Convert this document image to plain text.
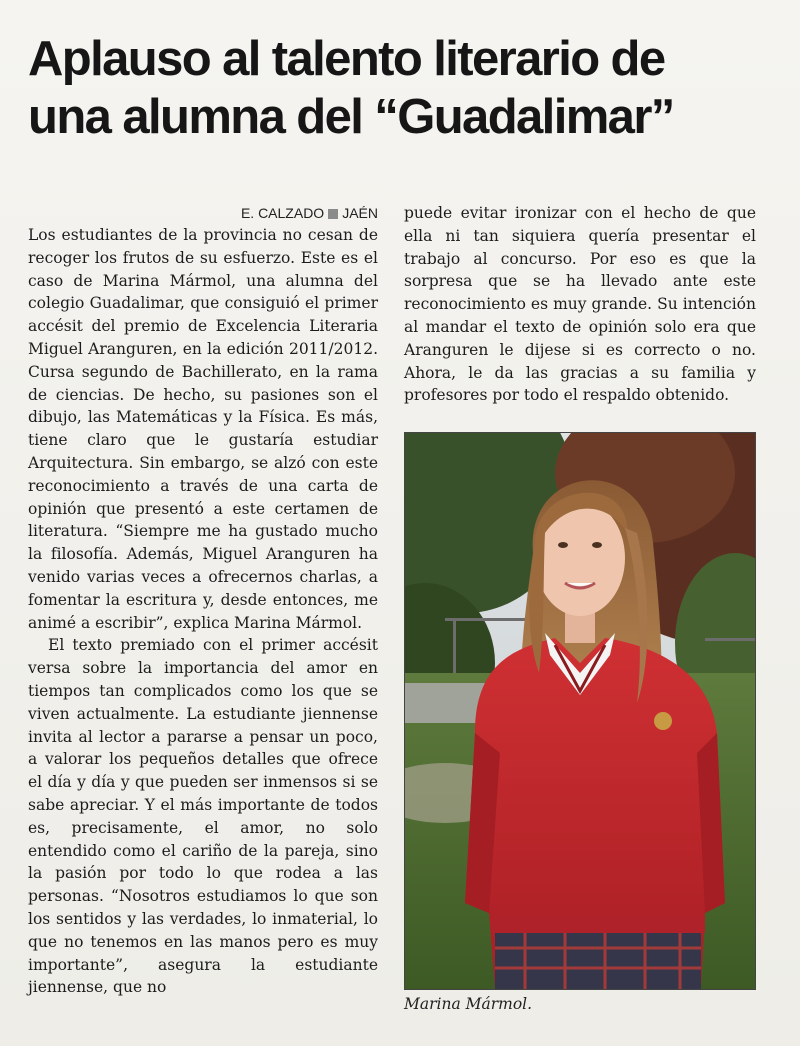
Aplauso al talento literario de
una alumna del “Guadalimar”
E. CALZADO JAÉN

Los estudiantes de la provincia no cesan de recoger los frutos de su esfuerzo. Este es el caso de Marina Mármol, una alumna del colegio Guadalimar, que consiguió el primer accésit del premio de Excelencia Literaria Miguel Aranguren, en la edición 2011/2012. Cursa segundo de Bachillerato, en la rama de ciencias. De hecho, su pasiones son el dibujo, las Matemáticas y la Física. Es más, tiene claro que le gustaría estudiar Arquitectura. Sin embargo, se alzó con este reconocimiento a través de una carta de opinión que presentó a este certamen de literatura. “Siempre me ha gustado mucho la filosofía. Además, Miguel Aranguren ha venido varias veces a ofrecernos charlas, a fomentar la escritura y, desde entonces, me animé a escribir”, explica Marina Mármol.

El texto premiado con el primer accésit versa sobre la importancia del amor en tiempos tan complicados como los que se viven actualmente. La estudiante jiennense invita al lector a pararse a pensar un poco, a valorar los pequeños detalles que ofrece el día y día y que pueden ser inmensos si se sabe apreciar. Y el más importante de todos es, precisamente, el amor, no solo entendido como el cariño de la pareja, sino la pasión por todo lo que rodea a las personas. “Nosotros estudiamos lo que son los sentidos y las verdades, lo inmaterial, lo que no tenemos en las manos pero es muy importante”, asegura la estudiante jiennense, que no

puede evitar ironizar con el hecho de que ella ni tan siquiera quería presentar el trabajo al concurso. Por eso es que la sorpresa que se ha llevado ante este reconocimiento es muy grande. Su intención al mandar el texto de opinión solo era que Aranguren le dijese si es correcto o no. Ahora, le da las gracias a su familia y profesores por todo el respaldo obtenido.

Marina Mármol.
